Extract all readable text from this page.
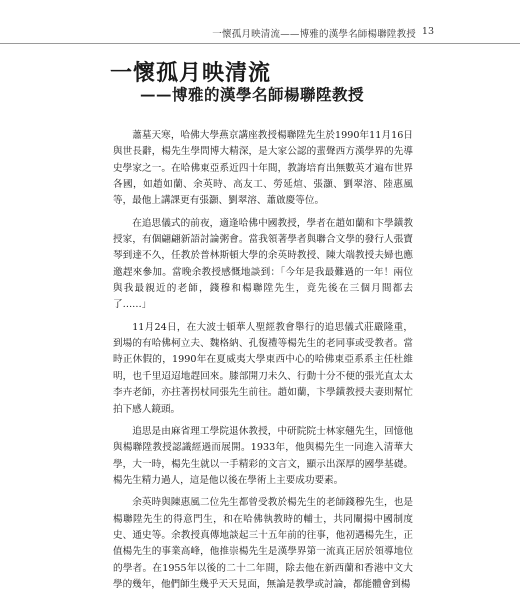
一懷孤月映清流——博雅的漢學名師楊聯陞教授 13
一懷孤月映清流
——博雅的漢學名師楊聯陞教授

蕭墓天寒，哈佛大學燕京講座教授楊聯陞先生於1990年11月16日與世長辭，楊先生學問博大精深，是大家公認的蜚聲西方漢學界的先導史學家之一。在哈佛東亞系近四十年間，教誨培育出無數英才遍布世界各國，如趙如蘭、余英時、高友工、勞延煊、張灝、劉翠溶、陸惠風等，最他上講課更有張灝、劉翠溶、蕭啟慶等位。

在追思儀式的前夜，適逢哈佛中國教授，學者在趙如蘭和卞學鐄教授家，有個翩翩新語討論粥會。當我領著學者與聯合文學的發行人張寶琴到達不久，任教於普林斯頓大學的余英時教授、陳大端教授夫婦也應邀趕來參加。當晚余教授感慨地談到：「今年是我最難過的一年！兩位與我最親近的老師，錢穆和楊聯陞先生，竟先後在三個月間都去了……」

11月24日，在大波士頓華人聖經教會舉行的追思儀式莊嚴隆重，到場的有哈佛柯立夫、魏格納、孔復禮等楊先生的老同事或受教者。當時正休假的，1990年在夏威夷大學東西中心的哈佛東亞系系主任杜維明，也千里迢迢地趕回來。膝部開刀未久、行動十分不便的張光直太太李卉老師，亦拄著拐杖同張先生前往。趙如蘭，卞學鐄教授夫妻則幫忙拍下感人鏡頭。

追思是由麻省理工學院退休教授，中研院院士林家翹先生，回憶他與楊聯陞教授認識經過而展開。1933年，他與楊先生一同進入清華大學，大一時，楊先生就以一手精彩的文言文，顯示出深厚的國學基礎。楊先生精力過人，這是他以後在學術上主要成功要素。

余英時與陳惠風二位先生都曾受教於楊先生的老師錢穆先生，也是楊聯陞先生的得意門生，和在哈佛執教時的輔士，共同闡揚中國制度史、通史等。余教授真傳地談起三十五年前的往事，他初遇楊先生，正值楊先生的事業高峰，他推崇楊先生是漢學界第一流真正居於領導地位的學者。在1955年以後的二十二年間，除去他在新西蘭和香港中文大學的幾年，他們師生幾乎天天見面，無論是教學或討論，都能體會到楊
